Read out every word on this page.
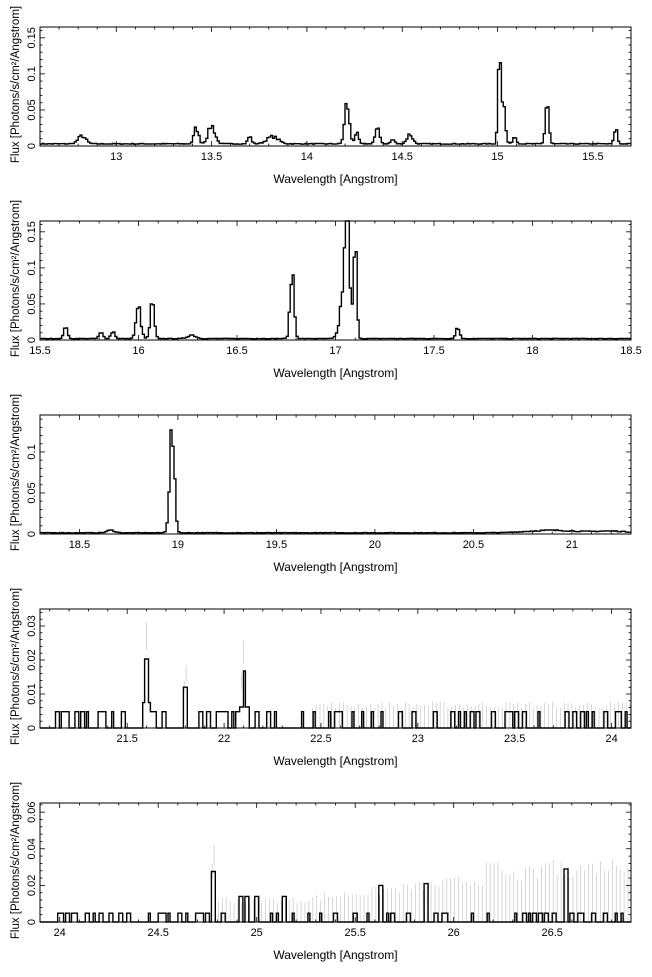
13	13.5	14	14.5	15	15.5
0
0.05
0.1
0.15
Wavelength [Angstrom]
Flux [Photons/s/cm²/Angstrom]
15.5	16	16.5	17	17.5	18	18.5
0
0.05
0.1
0.15
Wavelength [Angstrom]
Flux [Photons/s/cm²/Angstrom]
18.5	19	19.5	20	20.5	21
0
0.05
0.1
Wavelength [Angstrom]
Flux [Photons/s/cm²/Angstrom]
21.5	22	22.5	23	23.5	24
0
0.01
0.02
0.03
Wavelength [Angstrom]
Flux [Photons/s/cm²/Angstrom]
24	24.5	25	25.5	26	26.5
0
0.02
0.04
0.06
Wavelength [Angstrom]
Flux [Photons/s/cm²/Angstrom]
